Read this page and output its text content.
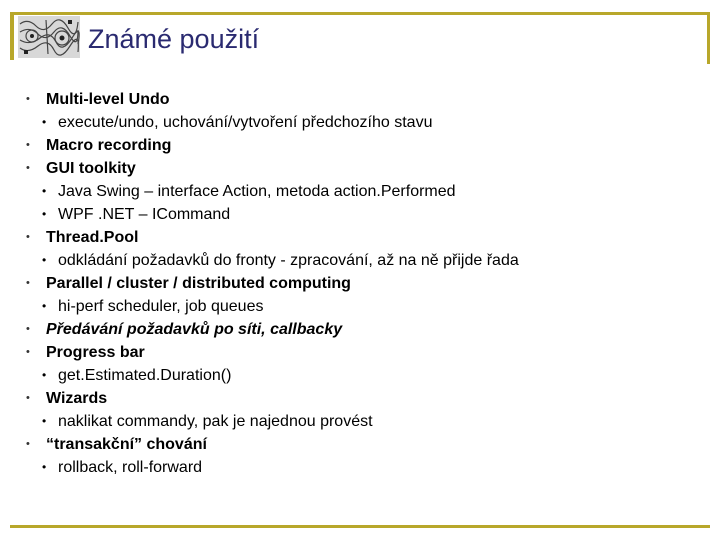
Známé použití
•	Multi-level Undo
• execute/undo, uchování/vytvoření předchozího stavu
•	Macro recording
•	GUI toolkity
• Java Swing – interface Action, metoda action.Performed
• WPF .NET – ICommand
•	Thread.Pool
• odkládání požadavků do fronty - zpracování, až na ně přijde řada
•	Parallel / cluster / distributed computing
• hi-perf scheduler, job queues
•	Předávání požadavků po síti, callbacky
•	Progress bar
• get.Estimated.Duration()
•	Wizards
• naklikat commandy, pak je najednou provést
•	“transakční” chování
• rollback, roll-forward
